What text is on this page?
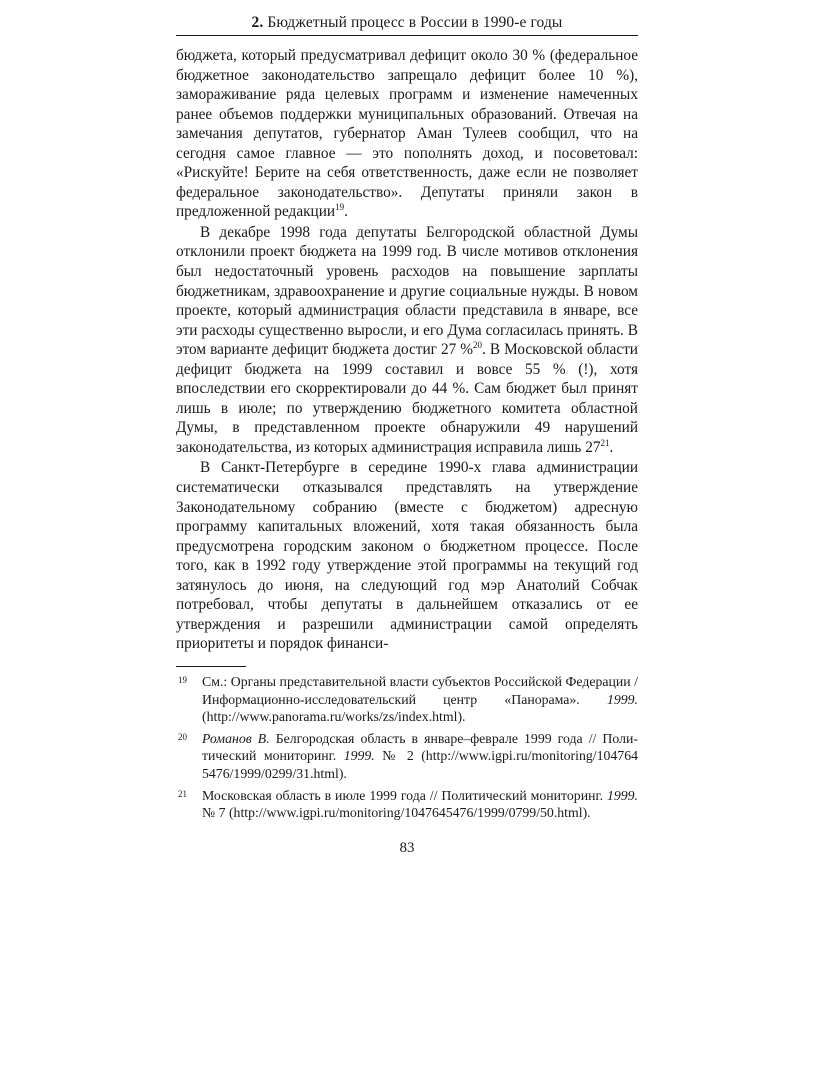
2. Бюджетный процесс в России в 1990-е годы

бюджета, который предусматривал дефицит около 30 % (федеральное бюджетное законодательство запрещало дефицит более 10 %), замораживание ряда целевых программ и изменение намеченных ранее объемов поддержки муниципальных образований. Отвечая на замечания депутатов, губернатор Аман Тулеев сообщил, что на сегодня самое главное — это пополнять доход, и посоветовал: «Рискуйте! Берите на себя ответственность, даже если не позволяет федеральное законодательство». Депутаты приняли закон в предложенной редакции$^{19}$.

В декабре 1998 года депутаты Белгородской областной Думы отклонили проект бюджета на 1999 год. В числе мотивов отклонения был недостаточный уровень расходов на повышение зарплаты бюджетникам, здравоохранение и другие социальные нужды. В новом проекте, который администрация области представила в январе, все эти расходы существенно выросли, и его Дума согласилась принять. В этом варианте дефицит бюджета достиг 27 %$^{20}$. В Московской области дефицит бюджета на 1999 составил и вовсе 55 % (!), хотя впоследствии его скорректировали до 44 %. Сам бюджет был принят лишь в июле; по утверждению бюджетного комитета областной Думы, в представленном проекте обнаружили 49 нарушений законодательства, из которых администрация исправила лишь $27^{21}$.

В Санкт-Петербурге в середине 1990-х глава администрации систематически отказывался представлять на утверждение Законодательному собранию (вместе с бюджетом) адресную программу капитальных вложений, хотя такая обязанность была предусмотрена городским законом о бюджетном процессе. После того, как в 1992 году утверждение этой программы на текущий год затянулось до июня, на следующий год мэр Анатолий Собчак потребовал, чтобы депутаты в дальнейшем отказались от ее утверждения и разрешили администрации самой определять приоритеты и порядок финанси-

19	См.: Органы представительной власти субъектов Российской Федерации / Информационно-исследовательский центр «Панорама». 1999. (http://www.panorama.ru/works/zs/index.html).
20	Романов В. Белгородская область в январе–феврале 1999 года // Политический мониторинг. 1999. № 2 (http://www.igpi.ru/monitoring/104764 5476/1999/0299/31.html).
21	Московская область в июле 1999 года // Политический мониторинг. 1999. № 7 (http://www.igpi.ru/monitoring/1047645476/1999/0799/50.html).
83
